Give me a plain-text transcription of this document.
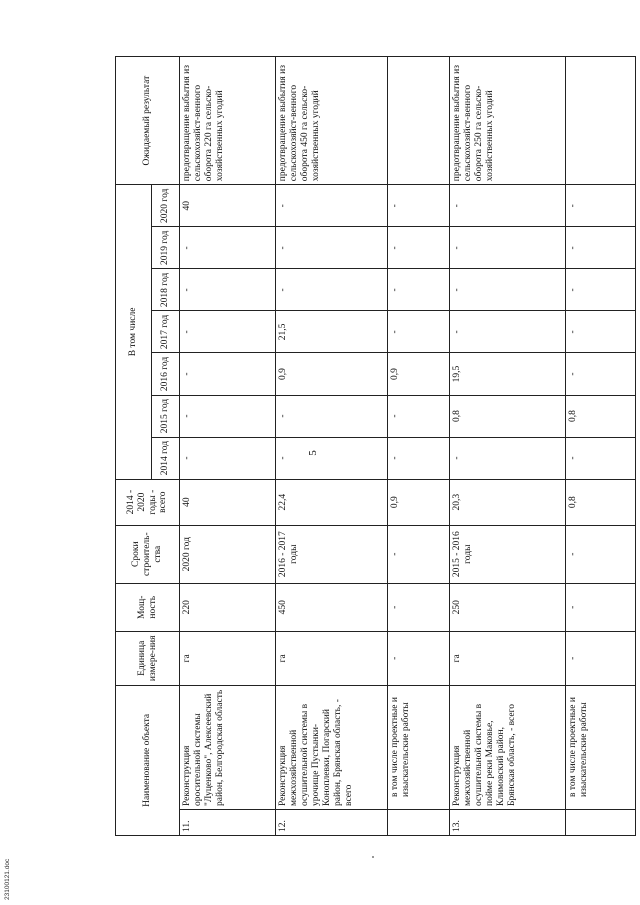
5
Наименование объекта		Единица измере-ния	Мощ-ность	Сроки строитель-ства	2014 - 2020 годы - всего	В том числе							Ожидаемый результат
						2014 год	2015 год	2016 год	2017 год	2018 год	2019 год	2020 год	
11.	Реконструкция оросительной системы "Луценково", Алексеевский район, Белгородская область	га	220	2020 год	40	-	-	-	-	-	-	40	предотвращение выбытия из сельскохозяйст-венного оборота 220 га сельско-хозяйственных угодий
12.	Реконструкция межхозяйственной осушительной системы в урочище Пустынки-Коноплевки, Погарский район, Брянская область, - всего	га	450	2016 - 2017 годы	22,4	-	-	0,9	21,5	-	-	-	предотвращение выбытия из сельскохозяйст-венного оборота 450 га сельско-хозяйственных угодий
	в том числе проектные и изыскательские работы	-	-	-	0,9	-	-	0,9	-	-	-	-	
13.	Реконструкция межхозяйственной осушительной системы в пойме реки Маковье, Климовский район, Брянская область, - всего	га	250	2015 - 2016 годы	20,3	-	0,8	19,5	-	-	-	-	предотвращение выбытия из сельскохозяйст-венного оборота 250 га сельско-хозяйственных угодий
	в том числе проектные и изыскательские работы	-	-	-	0,8	-	0,8	-	-	-	-	-	
23100121.doc
